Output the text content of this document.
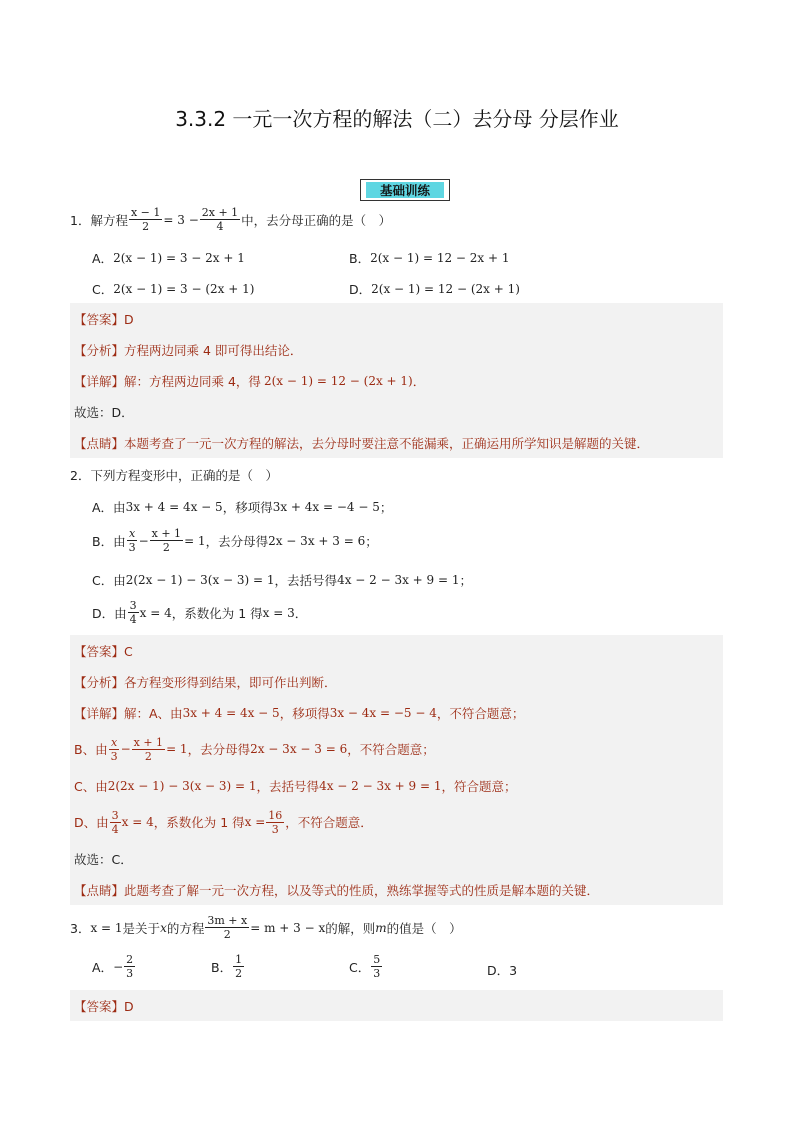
3.3.2 一元一次方程的解法（二）去分母 分层作业
基础训练
1．解方程 $\frac{x - 1}{2} = 3 - \frac{2x + 1}{4}$ 中，去分母正确的是（　）
A． 2(x − 1) = 3 − 2x + 1	B． 2(x − 1) = 12 − 2x + 1
C． 2(x − 1) = 3 − (2x + 1)	D． 2(x − 1) = 12 − (2x + 1)
【答案】D
【分析】方程两边同乘 4 即可得出结论．
【详解】解：方程两边同乘 4，得 2(x − 1) = 12 − (2x + 1) ．
故选：D．
【点睛】本题考查了一元一次方程的解法，去分母时要注意不能漏乘，正确运用所学知识是解题的关键．
2．下列方程变形中，正确的是（　）
A．由 3x + 4 = 4x − 5 ，移项得 3x + 4x = −4 − 5 ；
B．由 $\frac{x}{3} - \frac{x + 1}{2} = 1$ ，去分母得 2x − 3x + 3 = 6 ；
C．由 2(2x − 1) − 3(x − 3) = 1 ，去括号得 4x − 2 − 3x + 9 = 1 ；
D．由 $\frac{3}{4}$ x = 4 ，系数化为 1 得 x = 3 ．
【答案】C
【分析】各方程变形得到结果，即可作出判断．
【详解】解：A、由 3x + 4 = 4x − 5 ，移项得 3x − 4x = −5 − 4 ，不符合题意；
B、由 $\frac{x}{3} - \frac{x + 1}{2} = 1$ ，去分母得 2x − 3x − 3 = 6 ，不符合题意；
C、由 2(2x − 1) − 3(x − 3) = 1 ，去括号得 4x − 2 − 3x + 9 = 1 ，符合题意；
D、由 $\frac{3}{4}$ x = 4 ，系数化为 1 得 $x = \frac{16}{3}$ ，不符合题意．
故选：C．
【点睛】此题考查了解一元一次方程，以及等式的性质，熟练掌握等式的性质是解本题的关键．
3． x = 1 是关于 x 的方程 $\frac{3m + x}{2} = m + 3 - x$ 的解，则 m 的值是（　）
A． − $\frac{2}{3}$	B． $\frac{1}{2}$	C． $\frac{5}{3}$	D．3
【答案】D
